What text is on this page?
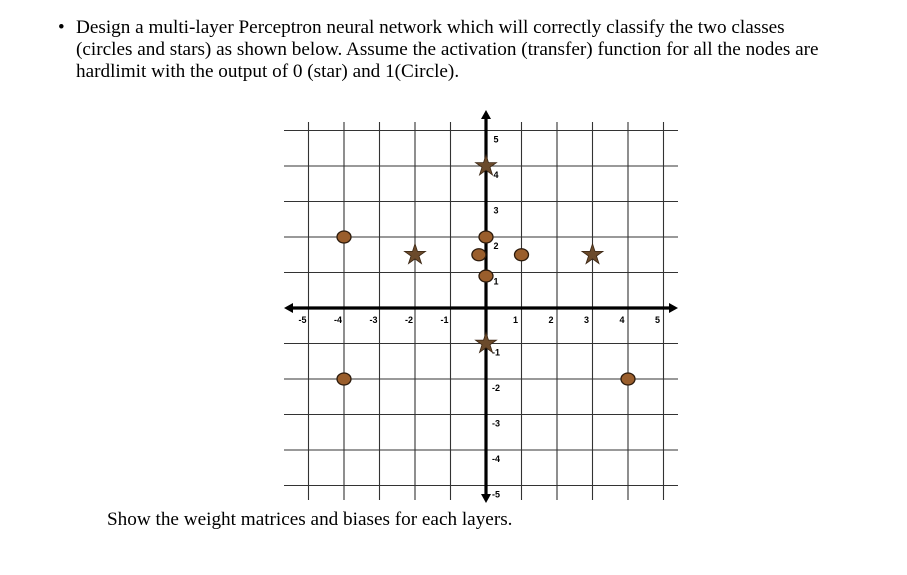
• Design a multi-layer Perceptron neural network which will correctly classify the two classes
(circles and stars) as shown below. Assume the activation (transfer) function for all the nodes are
hardlimit with the output of 0 (star) and 1(Circle).
-5	-4	-3	-2	-1	1	2	3	4	5
5
4
3
2
1
-1
-2
-3
-4
-5
Show the weight matrices and biases for each layers.
